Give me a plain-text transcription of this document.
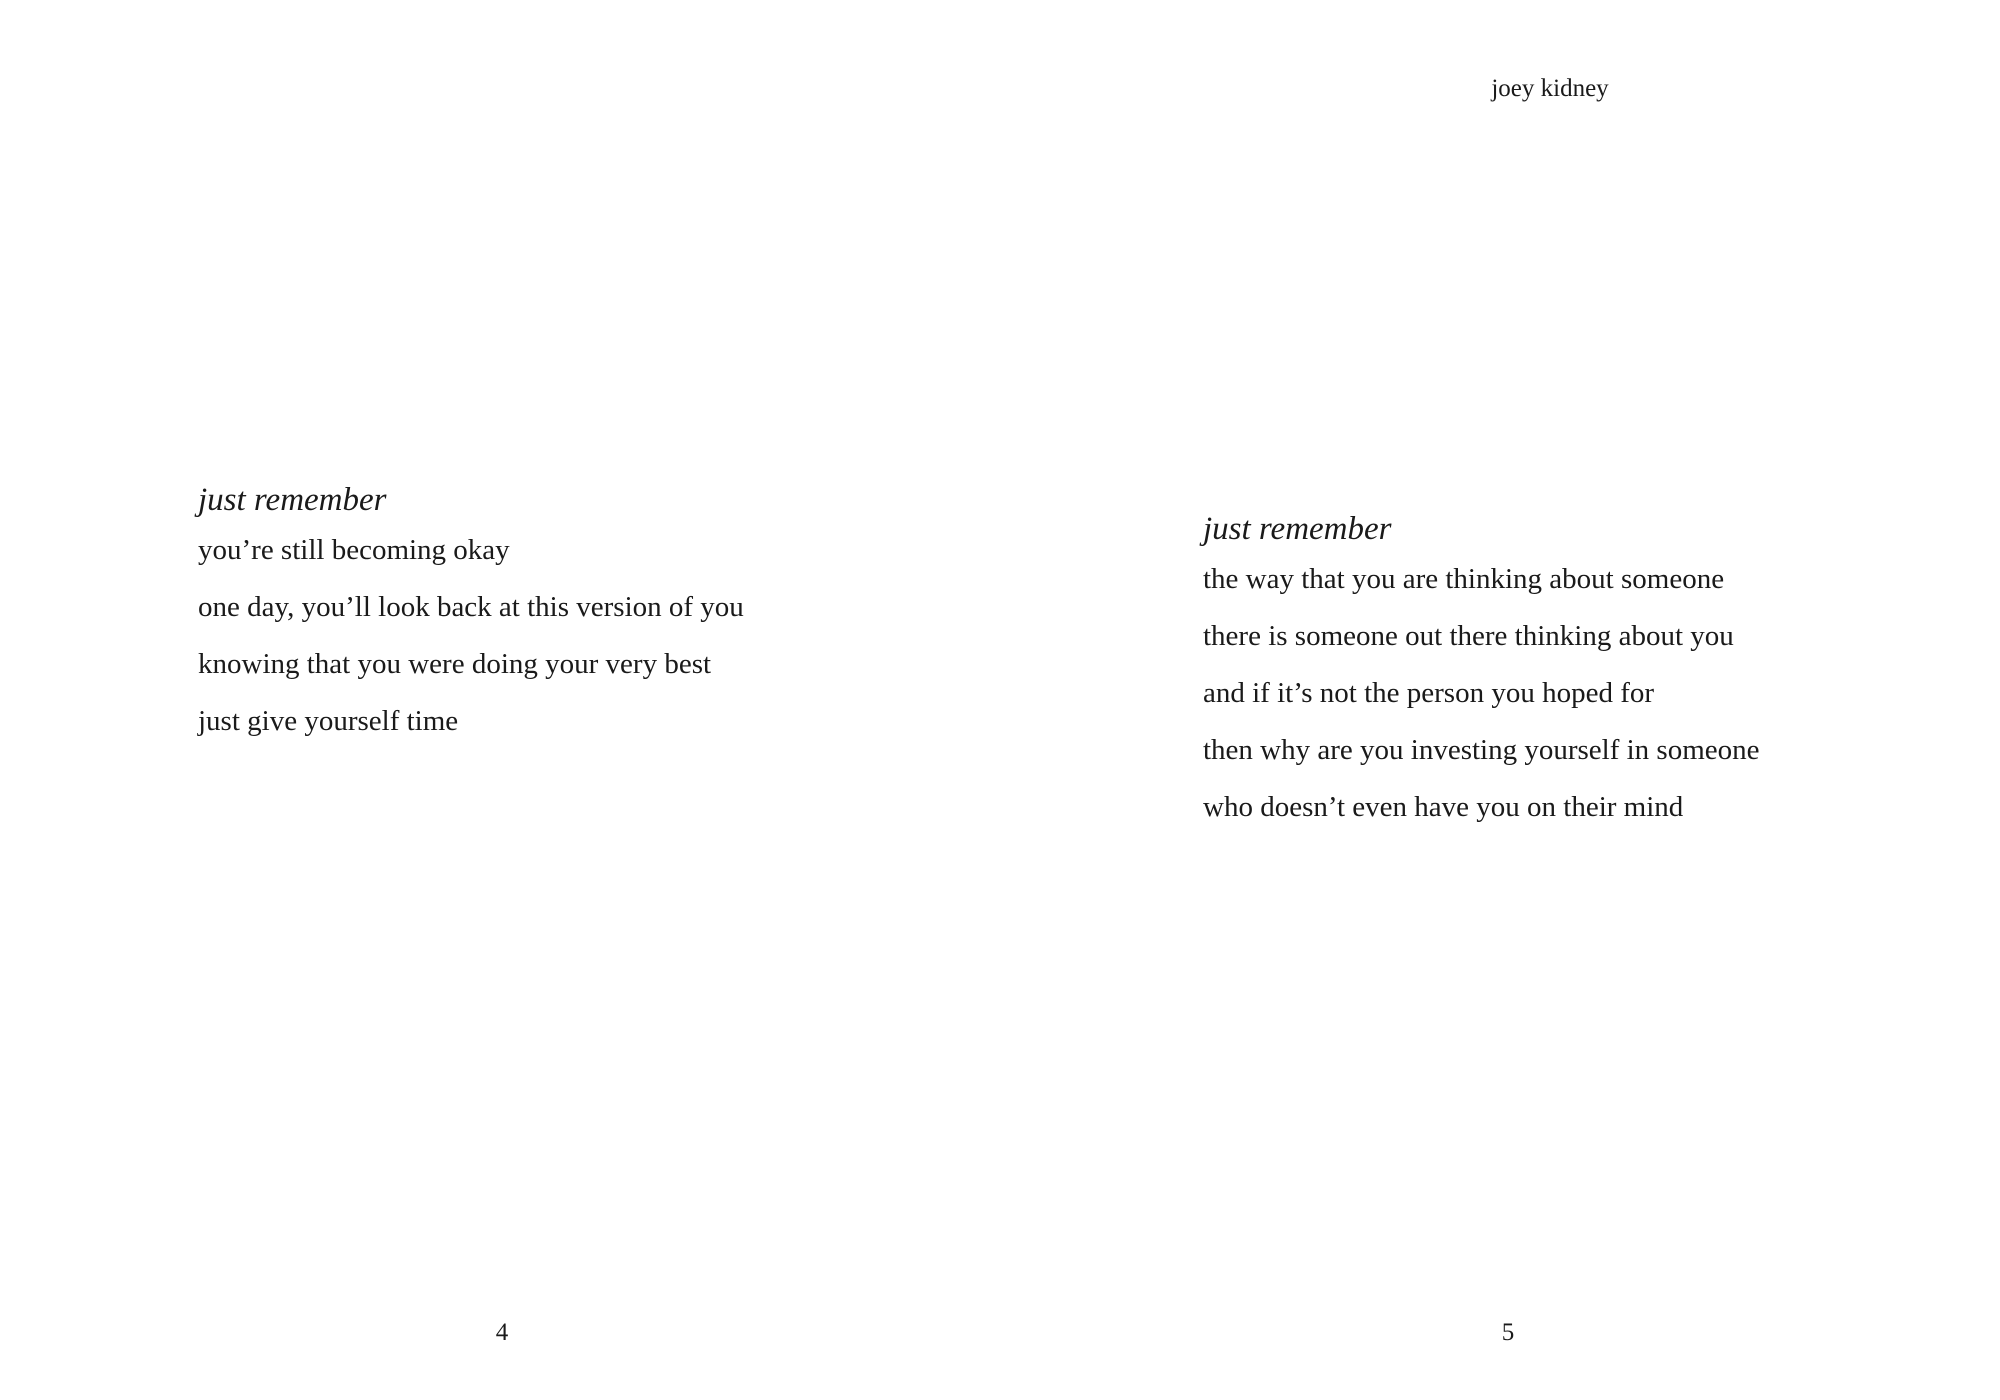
just remember
you’re still becoming okay
one day, you’ll look back at this version of you
knowing that you were doing your very best
just give yourself time
4
joey kidney
just remember
the way that you are thinking about someone
there is someone out there thinking about you
and if it’s not the person you hoped for
then why are you investing yourself in someone
who doesn’t even have you on their mind
5
